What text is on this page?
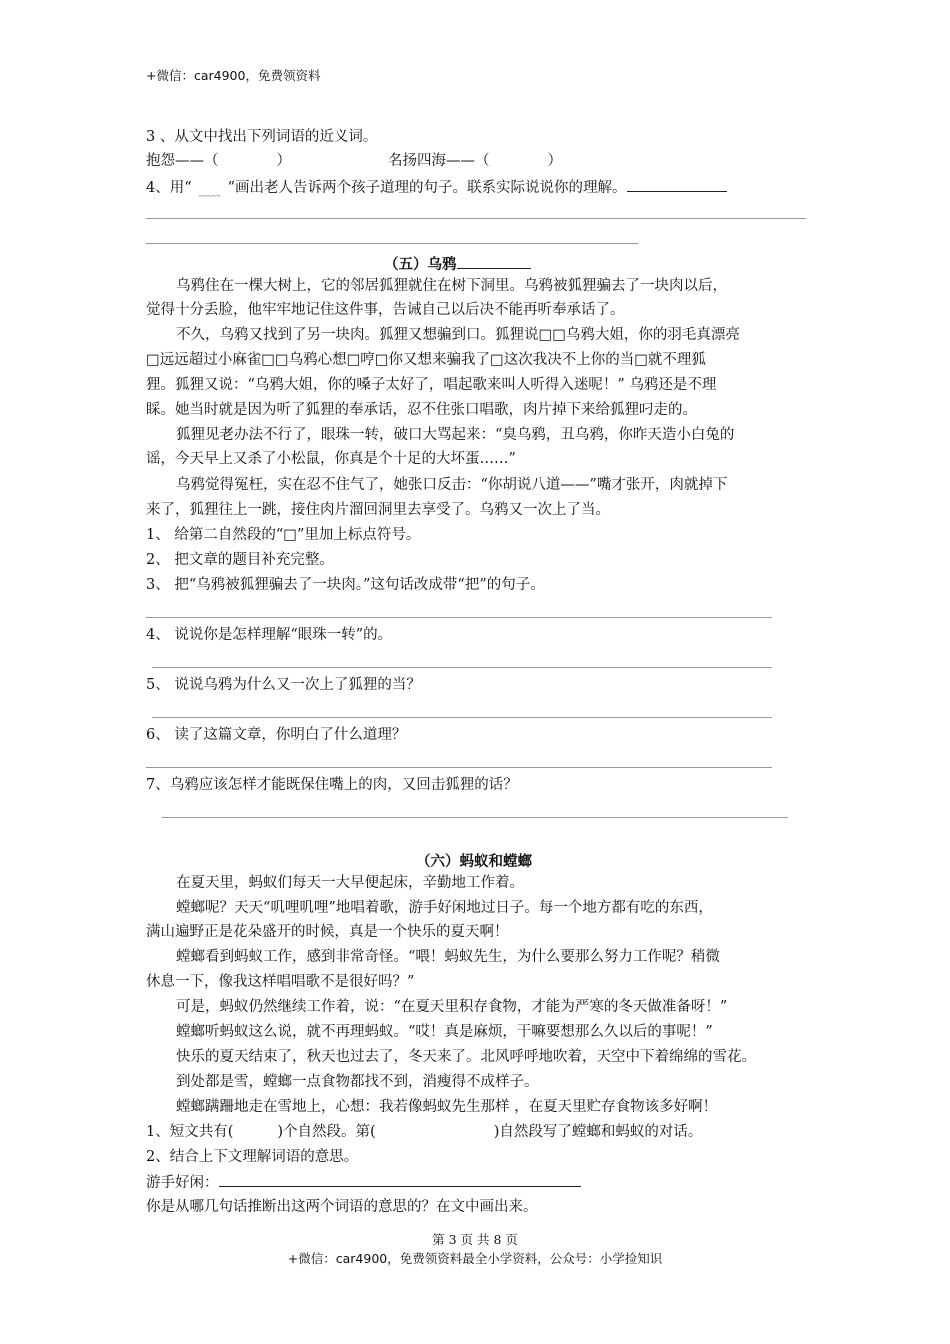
+微信：car4900，免费领资料
3 、从文中找出下列词语的近义词。
抱怨——（	）	名扬四海——（	）
4、用“ ﹏﹏ ”画出老人告诉两个孩子道理的句子。联系实际说说你的理解。
（五）乌鸦
乌鸦住在一棵大树上，它的邻居狐狸就住在树下洞里。乌鸦被狐狸骗去了一块肉以后，
觉得十分丢脸，他牢牢地记住这件事，告诫自己以后决不能再听奉承话了。
不久，乌鸦又找到了另一块肉。狐狸又想骗到口。狐狸说□□乌鸦大姐，你的羽毛真漂亮
□远远超过小麻雀□□乌鸦心想□哼□你又想来骗我了□这次我决不上你的当□就不理狐
狸。狐狸又说：“乌鸦大姐，你的嗓子太好了，唱起歌来叫人听得入迷呢！” 乌鸦还是不理
睬。她当时就是因为听了狐狸的奉承话，忍不住张口唱歌，肉片掉下来给狐狸叼走的。
狐狸见老办法不行了，眼珠一转，破口大骂起来：“臭乌鸦，丑乌鸦，你昨天造小白兔的
谣，今天早上又杀了小松鼠，你真是个十足的大坏蛋……”
乌鸦觉得冤枉，实在忍不住气了，她张口反击：“你胡说八道——”嘴才张开，肉就掉下
来了，狐狸往上一跳，接住肉片溜回洞里去享受了。乌鸦又一次上了当。
1、 给第二自然段的“□”里加上标点符号。
2、 把文章的题目补充完整。
3、 把“乌鸦被狐狸骗去了一块肉。”这句话改成带“把”的句子。
4、 说说你是怎样理解“眼珠一转”的。
5、 说说乌鸦为什么又一次上了狐狸的当？
6、 读了这篇文章，你明白了什么道理？
7、乌鸦应该怎样才能既保住嘴上的肉，又回击狐狸的话？
（六）蚂蚁和螳螂
在夏天里，蚂蚁们每天一大早便起床，辛勤地工作着。
螳螂呢？天天“叽哩叽哩”地唱着歌，游手好闲地过日子。每一个地方都有吃的东西，
满山遍野正是花朵盛开的时候，真是一个快乐的夏天啊！
螳螂看到蚂蚁工作，感到非常奇怪。“喂！蚂蚁先生，为什么要那么努力工作呢？稍微
休息一下，像我这样唱唱歌不是很好吗？”
可是，蚂蚁仍然继续工作着，说：“在夏天里积存食物，才能为严寒的冬天做准备呀！”
螳螂听蚂蚁这么说，就不再理蚂蚁。“哎！真是麻烦，干嘛要想那么久以后的事呢！”
快乐的夏天结束了，秋天也过去了，冬天来了。北风呼呼地吹着，天空中下着绵绵的雪花。
到处都是雪，螳螂一点食物都找不到，消瘦得不成样子。
螳螂蹒跚地走在雪地上，心想：我若像蚂蚁先生那样 ，在夏天里贮存食物该多好啊！
1、短文共有(	)个自然段。第(	)自然段写了螳螂和蚂蚁的对话。
2、结合上下文理解词语的意思。
游手好闲：
你是从哪几句话推断出这两个词语的意思的？在文中画出来。
第 3 页 共 8 页
+微信：car4900，免费领资料最全小学资料，公众号：小学捡知识
